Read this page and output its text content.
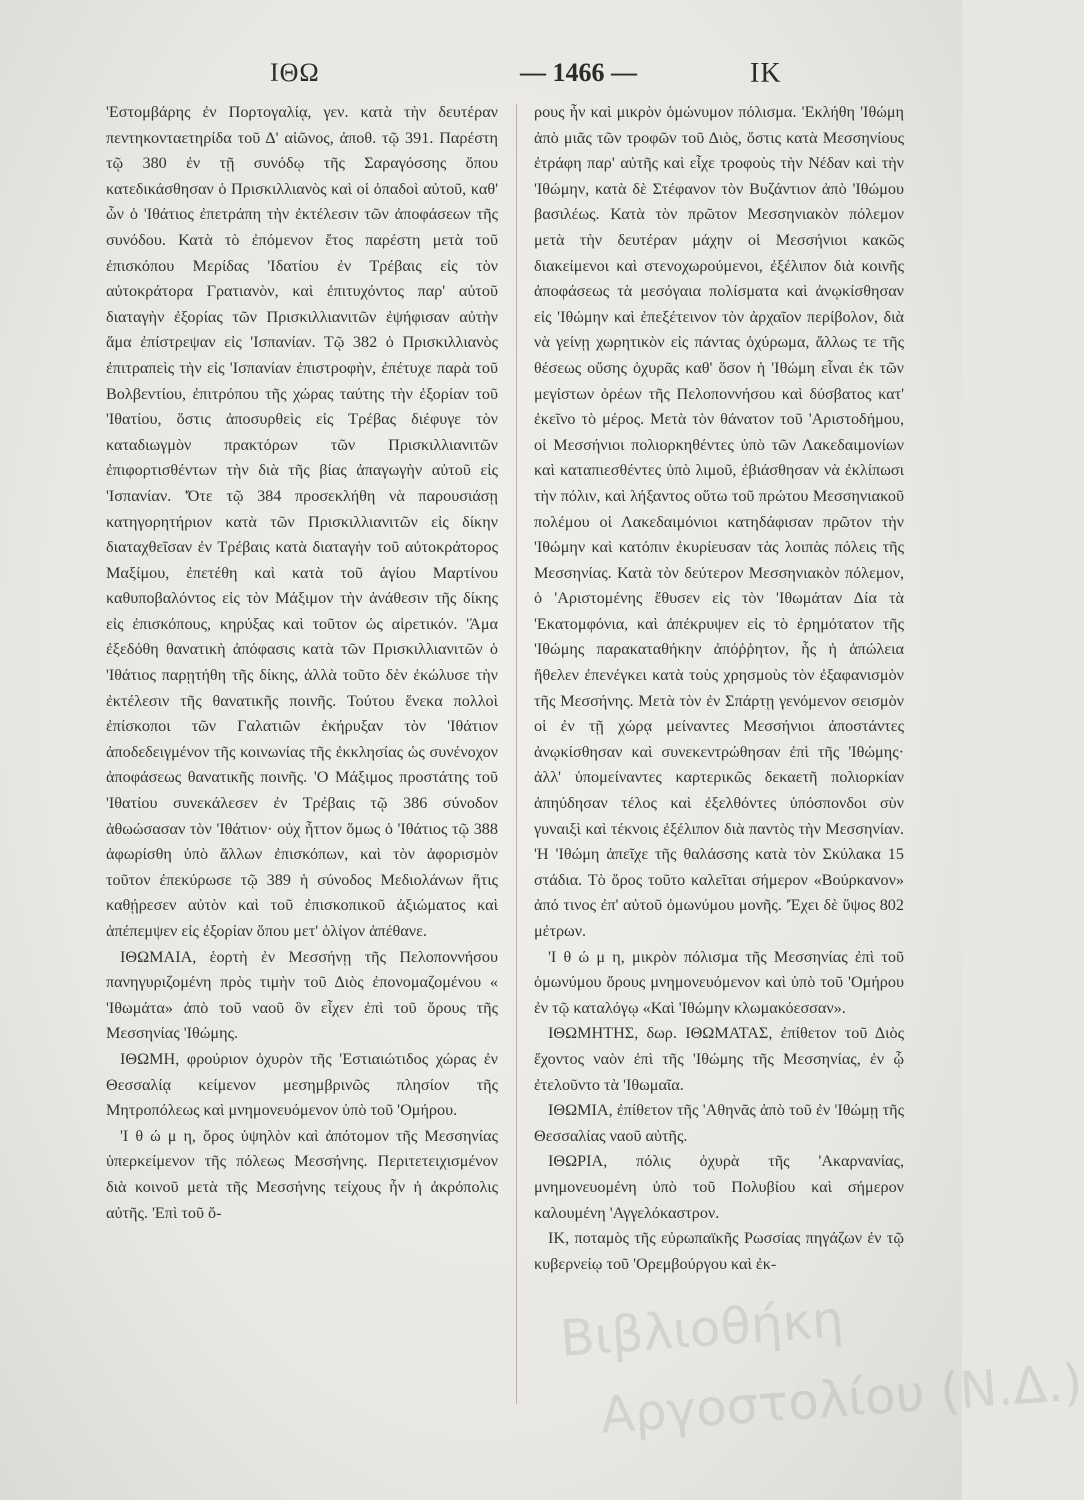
ΙΘΩ	— 1466 —	ΙΚ

'Εστομβάρης ἐν Πορτογαλίᾳ, γεν. κατὰ τὴν δευτέραν πεντηκονταετηρίδα τοῦ Δ' αἰῶνος, ἀποθ. τῷ 391. Παρέστη τῷ 380 ἐν τῇ συνόδῳ τῆς Σαραγόσσης ὅπου κατεδικάσθησαν ὁ Πρισκιλλιανὸς καὶ οἱ ὀπαδοὶ αὐτοῦ, καθ' ὧν ὁ 'Ιθάτιος ἐπετράπη τὴν ἐκτέλεσιν τῶν ἀποφάσεων τῆς συνόδου. Κατὰ τὸ ἐπόμενον ἔτος παρέστη μετὰ τοῦ ἐπισκόπου Μερίδας 'Ιδατίου ἐν Τρέβαις εἰς τὸν αὐτοκράτορα Γρατιανὸν, καὶ ἐπιτυχόντος παρ' αὐτοῦ διαταγὴν ἐξορίας τῶν Πρισκιλλιανιτῶν ἐψήφισαν αὐτὴν ἅμα ἐπίστρεψαν εἰς 'Ισπανίαν. Τῷ 382 ὁ Πρισκιλλιανὸς ἐπιτραπεὶς τὴν εἰς 'Ισπανίαν ἐπιστροφὴν, ἐπέτυχε παρὰ τοῦ Βολβεντίου, ἐπιτρόπου τῆς χώρας ταύτης τὴν ἐξορίαν τοῦ 'Ιθατίου, ὅστις ἀποσυρθεὶς εἰς Τρέβας διέφυγε τὸν καταδιωγμὸν πρακτόρων τῶν Πρισκιλλιανιτῶν ἐπιφορτισθέντων τὴν διὰ τῆς βίας ἀπαγωγὴν αὐτοῦ εἰς 'Ισπανίαν. 'Ότε τῷ 384 προσεκλήθη νὰ παρουσιάσῃ κατηγορητήριον κατὰ τῶν Πρισκιλλιανιτῶν εἰς δίκην διαταχθεῖσαν ἐν Τρέβαις κατὰ διαταγὴν τοῦ αὐτοκράτορος Μαξίμου, ἐπετέθη καὶ κατὰ τοῦ ἁγίου Μαρτίνου καθυποβαλόντος εἰς τὸν Μάξιμον τὴν ἀνάθεσιν τῆς δίκης εἰς ἐπισκόπους, κηρύξας καὶ τοῦτον ὡς αἱρετικόν. 'Άμα ἐξεδόθη θανατικὴ ἀπόφασις κατὰ τῶν Πρισκιλλιανιτῶν ὁ 'Ιθάτιος παρῃτήθη τῆς δίκης, ἀλλὰ τοῦτο δὲν ἐκώλυσε τὴν ἐκτέλεσιν τῆς θανατικῆς ποινῆς. Τούτου ἕνεκα πολλοὶ ἐπίσκοποι τῶν Γαλατιῶν ἐκήρυξαν τὸν 'Ιθάτιον ἀποδεδειγμένον τῆς κοινωνίας τῆς ἐκκλησίας ὡς συνένοχον ἀποφάσεως θανατικῆς ποινῆς. 'Ο Μάξιμος προστάτης τοῦ 'Ιθατίου συνεκάλεσεν ἐν Τρέβαις τῷ 386 σύνοδον ἀθωώσασαν τὸν 'Ιθάτιον· οὐχ ἧττον ὅμως ὁ 'Ιθάτιος τῷ 388 ἀφωρίσθη ὑπὸ ἄλλων ἐπισκόπων, καὶ τὸν ἀφορισμὸν τοῦτον ἐπεκύρωσε τῷ 389 ἡ σύνοδος Μεδιολάνων ἥτις καθῄρεσεν αὐτὸν καὶ τοῦ ἐπισκοπικοῦ ἀξιώματος καὶ ἀπέπεμψεν εἰς ἐξορίαν ὅπου μετ' ὀλίγον ἀπέθανε.

ΙΘΩΜΑΙΑ, ἑορτὴ ἐν Μεσσήνῃ τῆς Πελοποννήσου πανηγυριζομένη πρὸς τιμὴν τοῦ Διὸς ἐπονομαζομένου « 'Ιθωμάτα» ἀπὸ τοῦ ναοῦ ὃν εἶχεν ἐπὶ τοῦ ὄρους τῆς Μεσσηνίας 'Ιθώμης.

ΙΘΩΜΗ, φρούριον ὀχυρὸν τῆς 'Εστιαιώτιδος χώρας ἐν Θεσσαλίᾳ κείμενον μεσημβρινῶς πλησίον τῆς Μητροπόλεως καὶ μνημονευόμενον ὑπὸ τοῦ 'Ομήρου.

'Ι θ ώ μ η, ὄρος ὑψηλὸν καὶ ἀπότομον τῆς Μεσσηνίας ὑπερκείμενον τῆς πόλεως Μεσσήνης. Περιτετειχισμένον διὰ κοινοῦ μετὰ τῆς Μεσσήνης τείχους ἦν ἡ ἀκρόπολις αὐτῆς. 'Επὶ τοῦ ὄ-

ρους ἦν καὶ μικρὸν ὁμώνυμον πόλισμα. 'Εκλήθη 'Ιθώμη ἀπὸ μιᾶς τῶν τροφῶν τοῦ Διὸς, ὅστις κατὰ Μεσσηνίους ἐτράφη παρ' αὐτῆς καὶ εἶχε τροφοὺς τὴν Νέδαν καὶ τὴν 'Ιθώμην, κατὰ δὲ Στέφανον τὸν Βυζάντιον ἀπὸ 'Ιθώμου βασιλέως. Κατὰ τὸν πρῶτον Μεσσηνιακὸν πόλεμον μετὰ τὴν δευτέραν μάχην οἱ Μεσσήνιοι κακῶς διακείμενοι καὶ στενοχωρούμενοι, ἐξέλιπον διὰ κοινῆς ἀποφάσεως τὰ μεσόγαια πολίσματα καὶ ἀνῳκίσθησαν εἰς 'Ιθώμην καὶ ἐπεξέτεινον τὸν ἀρχαῖον περίβολον, διὰ νὰ γείνῃ χωρητικὸν εἰς πάντας ὀχύρωμα, ἄλλως τε τῆς θέσεως οὔσης ὀχυρᾶς καθ' ὅσον ἡ 'Ιθώμη εἶναι ἐκ τῶν μεγίστων ὀρέων τῆς Πελοποννήσου καὶ δύσβατος κατ' ἐκεῖνο τὸ μέρος. Μετὰ τὸν θάνατον τοῦ 'Αριστοδήμου, οἱ Μεσσήνιοι πολιορκηθέντες ὑπὸ τῶν Λακεδαιμονίων καὶ καταπιεσθέντες ὑπὸ λιμοῦ, ἐβιάσθησαν νὰ ἐκλίπωσι τὴν πόλιν, καὶ λήξαντος οὕτω τοῦ πρώτου Μεσσηνιακοῦ πολέμου οἱ Λακεδαιμόνιοι κατηδάφισαν πρῶτον τὴν 'Ιθώμην καὶ κατόπιν ἐκυρίευσαν τὰς λοιπὰς πόλεις τῆς Μεσσηνίας. Κατὰ τὸν δεύτερον Μεσσηνιακὸν πόλεμον, ὁ 'Αριστομένης ἔθυσεν εἰς τὸν 'Ιθωμάταν Δία τὰ 'Εκατομφόνια, καὶ ἀπέκρυψεν εἰς τὸ ἐρημότατον τῆς 'Ιθώμης παρακαταθήκην ἀπόῤῥητον, ἧς ἡ ἀπώλεια ἤθελεν ἐπενέγκει κατὰ τοὺς χρησμοὺς τὸν ἐξαφανισμὸν τῆς Μεσσήνης. Μετὰ τὸν ἐν Σπάρτῃ γενόμενον σεισμὸν οἱ ἐν τῇ χώρᾳ μείναντες Μεσσήνιοι ἀποστάντες ἀνῳκίσθησαν καὶ συνεκεντρώθησαν ἐπὶ τῆς 'Ιθώμης· ἀλλ' ὑπομείναντες καρτερικῶς δεκαετῆ πολιορκίαν ἀπηύδησαν τέλος καὶ ἐξελθόντες ὑπόσπονδοι σὺν γυναιξὶ καὶ τέκνοις ἐξέλιπον διὰ παντὸς τὴν Μεσσηνίαν. 'Η 'Ιθώμη ἀπεῖχε τῆς θαλάσσης κατὰ τὸν Σκύλακα 15 στάδια. Τὸ ὄρος τοῦτο καλεῖται σήμερον «Βούρκανον» ἀπό τινος ἐπ' αὐτοῦ ὁμωνύμου μονῆς. 'Έχει δὲ ὕψος 802 μέτρων.

'Ι θ ώ μ η, μικρὸν πόλισμα τῆς Μεσσηνίας ἐπὶ τοῦ ὁμωνύμου ὄρους μνημονευόμενον καὶ ὑπὸ τοῦ 'Ομήρου ἐν τῷ καταλόγῳ «Καὶ 'Ιθώμην κλωμακόεσσαν».

ΙΘΩΜΗΤΗΣ, δωρ. ΙΘΩΜΑΤΑΣ, ἐπίθετον τοῦ Διὸς ἔχοντος ναὸν ἐπὶ τῆς 'Ιθώμης τῆς Μεσσηνίας, ἐν ᾧ ἐτελοῦντο τὰ 'Ιθωμαῖα.

ΙΘΩΜΙΑ, ἐπίθετον τῆς 'Αθηνᾶς ἀπὸ τοῦ ἐν 'Ιθώμῃ τῆς Θεσσαλίας ναοῦ αὐτῆς.

ΙΘΩΡΙΑ, πόλις ὀχυρὰ τῆς 'Ακαρνανίας, μνημονευομένη ὑπὸ τοῦ Πολυβίου καὶ σήμερον καλουμένη 'Αγγελόκαστρον.

ΙΚ, ποταμὸς τῆς εὐρωπαϊκῆς Ρωσσίας πηγάζων ἐν τῷ κυβερνείῳ τοῦ 'Ορεμβούργου καὶ ἐκ-

Βιβλιοθήκη
Αργοστολίου (Ν.Δ.)
